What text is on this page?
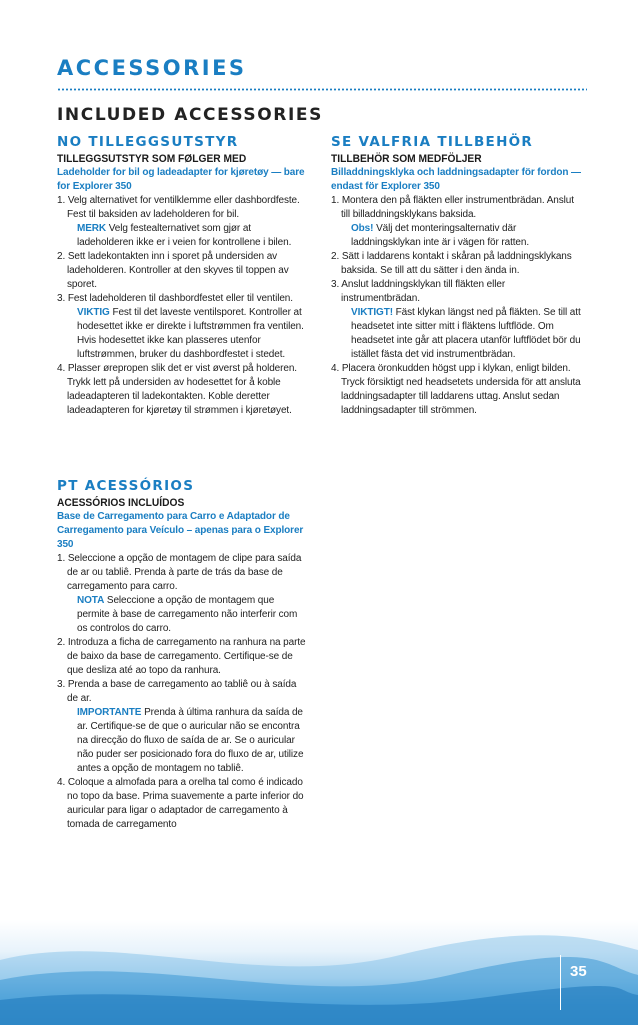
ACCESSORIES
INCLUDED ACCESSORIES
NO TILLEGGSUTSTYR
TILLEGGSUTSTYR SOM FØLGER MED
Ladeholder for bil og ladeadapter for kjøretøy — bare for Explorer 350
1. Velg alternativet for ventilklemme eller dashbordfeste. Fest til baksiden av ladeholderen for bil.
MERK Velg festealternativet som gjør at ladeholderen ikke er i veien for kontrollene i bilen.
2. Sett ladekontakten inn i sporet på undersiden av ladeholderen. Kontroller at den skyves til toppen av sporet.
3. Fest ladeholderen til dashbordfestet eller til ventilen.
VIKTIG Fest til det laveste ventilsporet. Kontroller at hodesettet ikke er direkte i luftstrømmen fra ventilen. Hvis hodesettet ikke kan plasseres utenfor luftstrømmen, bruker du dashbordfestet i stedet.
4. Plasser ørepropen slik det er vist øverst på holderen. Trykk lett på undersiden av hodesettet for å koble ladeadapteren til ladekontakten. Koble deretter ladeadapteren for kjøretøy til strømmen i kjøretøyet.
SE VALFRIA TILLBEHÖR
TILLBEHÖR SOM MEDFÖLJER
Billaddningsklyka och laddningsadapter för fordon — endast för Explorer 350
1. Montera den på fläkten eller instrumentbrädan. Anslut till billaddningsklykans baksida.
Obs! Välj det monteringsalternativ där laddningsklykan inte är i vägen för ratten.
2. Sätt i laddarens kontakt i skåran på laddningsklykans baksida. Se till att du sätter i den ända in.
3. Anslut laddningsklykan till fläkten eller instrumentbrädan.
VIKTIGT! Fäst klykan längst ned på fläkten. Se till att headsetet inte sitter mitt i fläktens luftflöde. Om headsetet inte går att placera utanför luftflödet bör du istället fästa det vid instrumentbrädan.
4. Placera öronkudden högst upp i klykan, enligt bilden. Tryck försiktigt ned headsetets undersida för att ansluta laddningsadapter till laddarens uttag. Anslut sedan laddningsadapter till strömmen.
PT ACESSÓRIOS
ACESSÓRIOS INCLUÍDOS
Base de Carregamento para Carro e Adaptador de Carregamento para Veículo – apenas para o Explorer 350
1. Seleccione a opção de montagem de clipe para saída de ar ou tabliê. Prenda à parte de trás da base de carregamento para carro.
NOTA Seleccione a opção de montagem que permite à base de carregamento não interferir com os controlos do carro.
2. Introduza a ficha de carregamento na ranhura na parte de baixo da base de carregamento. Certifique-se de que desliza até ao topo da ranhura.
3. Prenda a base de carregamento ao tabliê ou à saída de ar.
IMPORTANTE Prenda à última ranhura da saída de ar. Certifique-se de que o auricular não se encontra na direcção do fluxo de saída de ar. Se o auricular não puder ser posicionado fora do fluxo de ar, utilize antes a opção de montagem no tabliê.
4. Coloque a almofada para a orelha tal como é indicado no topo da base. Prima suavemente a parte inferior do auricular para ligar o adaptador de carregamento à tomada de carregamento
35
